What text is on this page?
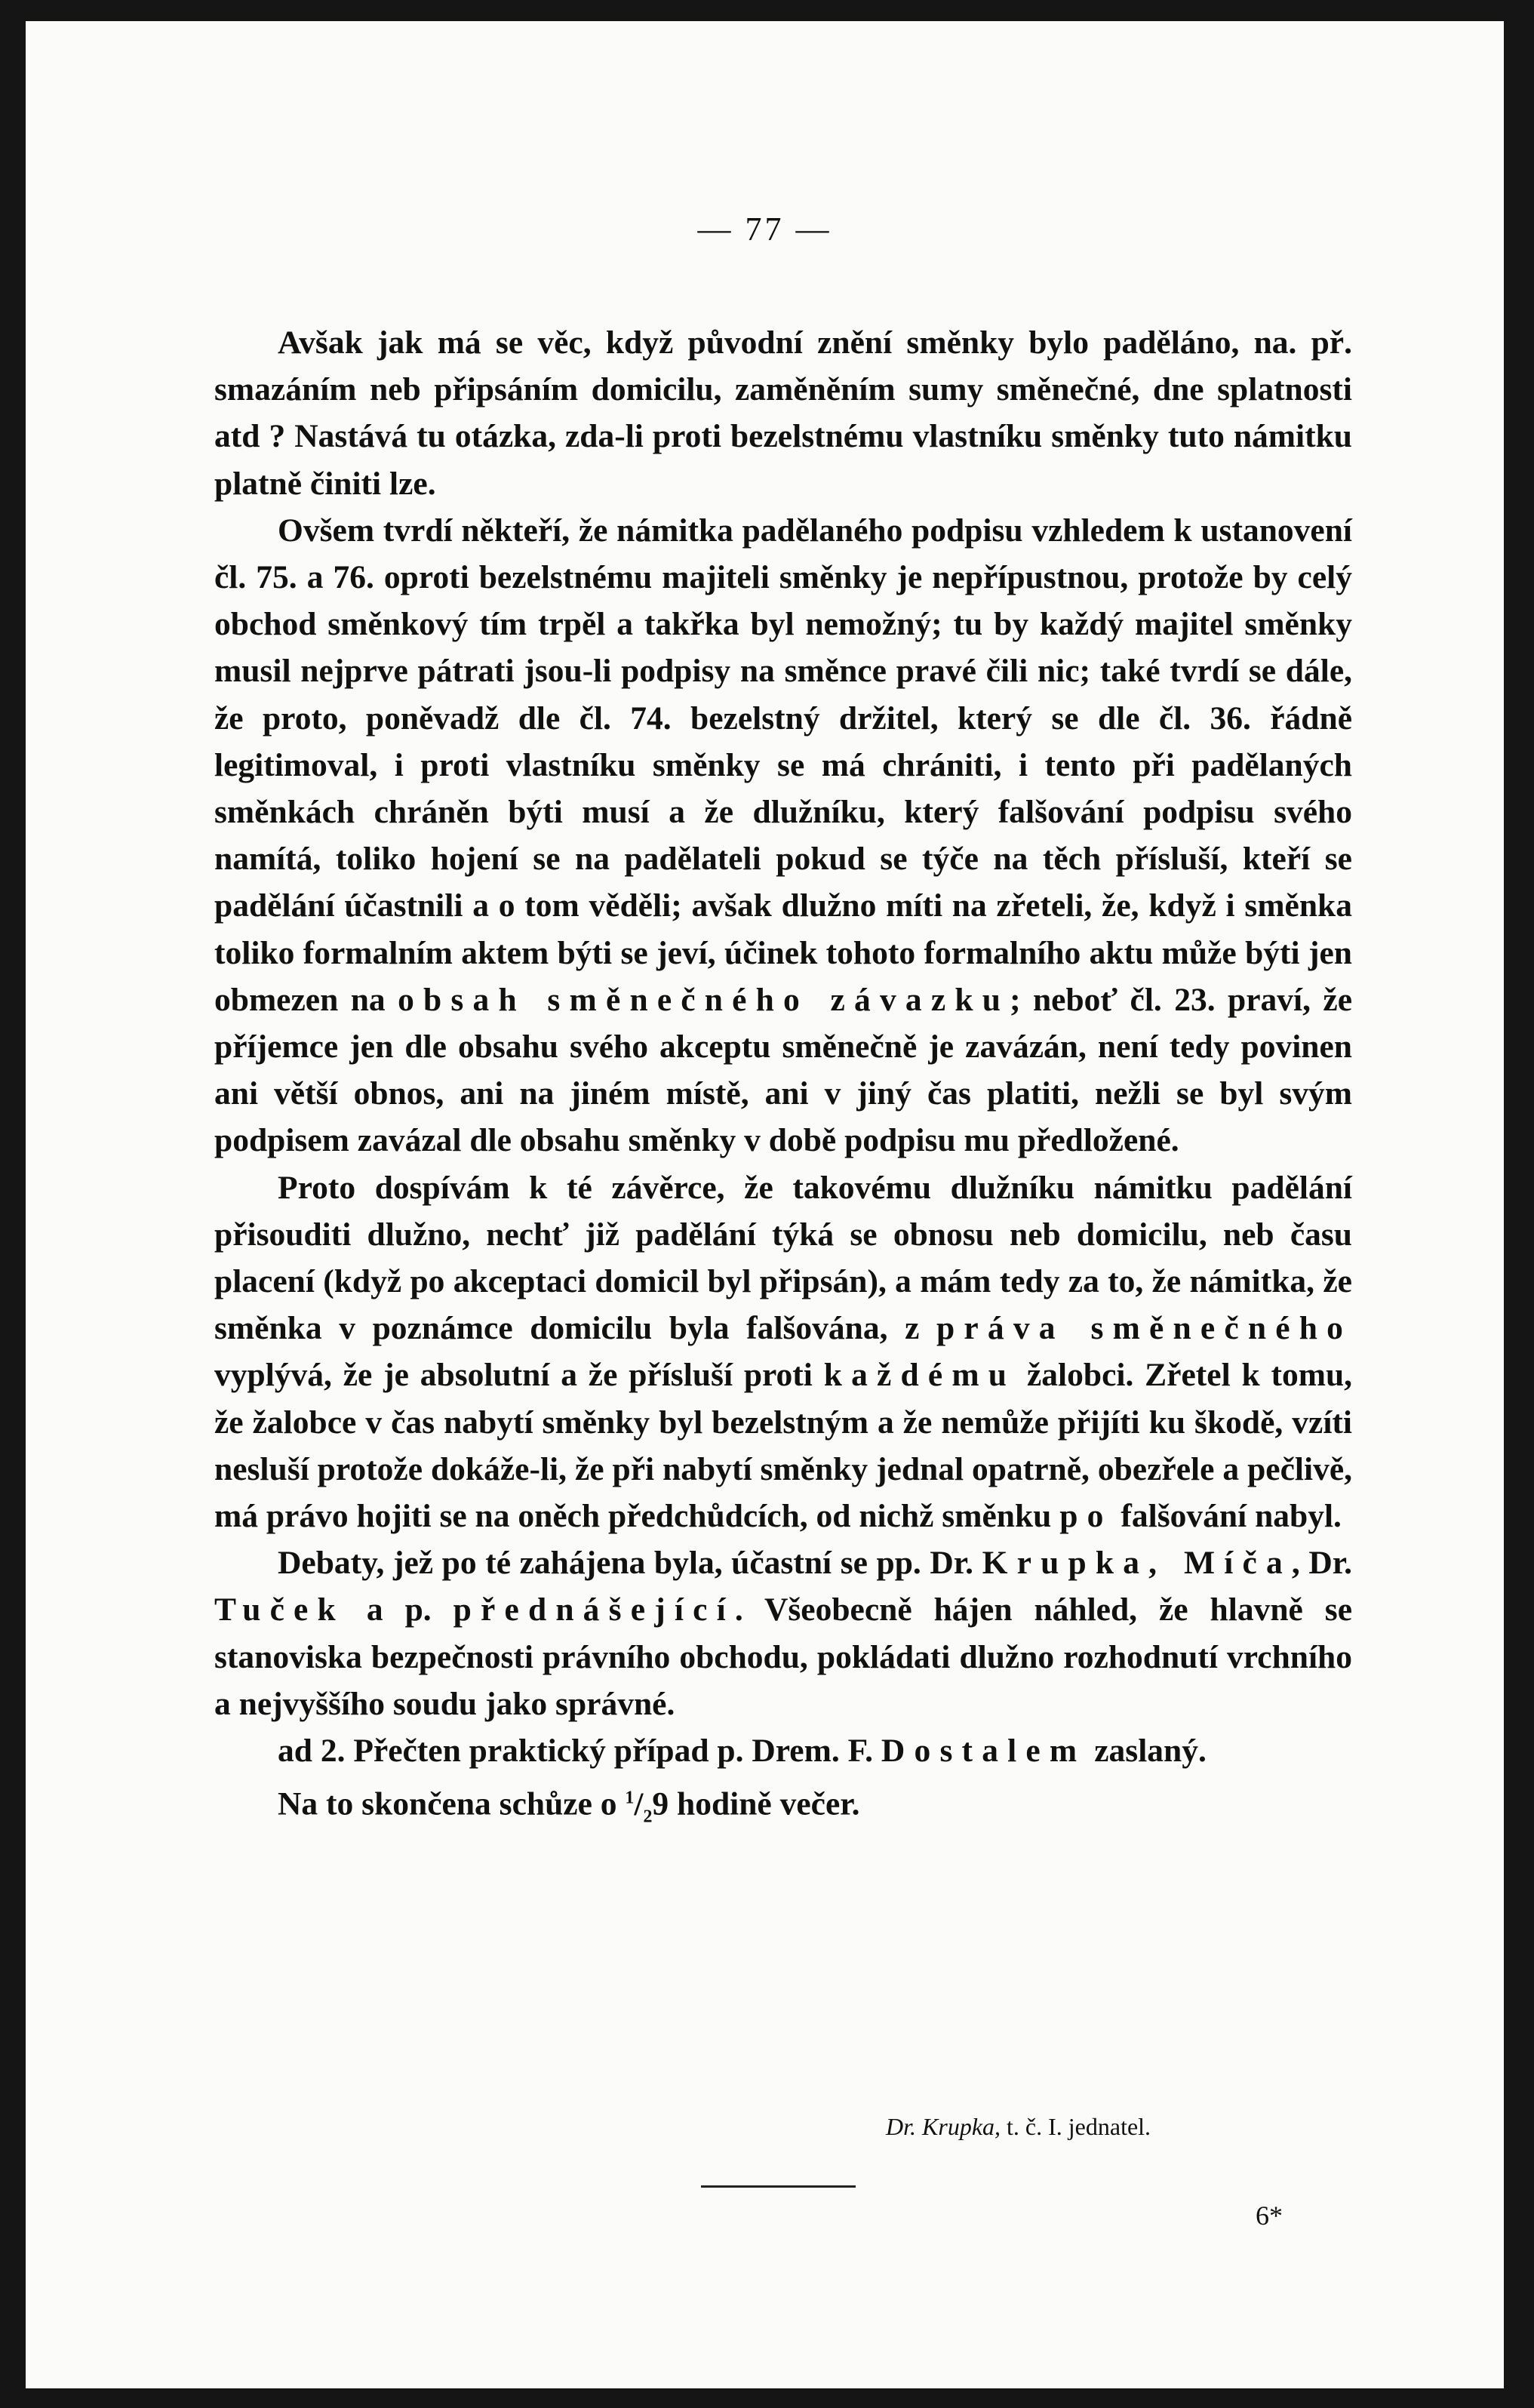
— 77 —

Avšak jak má se věc, když původní znění směnky bylo paděláno, na. př. smazáním neb připsáním domicilu, zaměněním sumy směnečné, dne splatnosti atd ? Nastává tu otázka, zda-li proti bezelstnému vlastníku směnky tuto námitku platně činiti lze.

Ovšem tvrdí někteří, že námitka padělaného podpisu vzhledem k ustanovení čl. 75. a 76. oproti bezelstnému majiteli směnky je nepřípustnou, protože by celý obchod směnkový tím trpěl a takřka byl nemožný; tu by každý majitel směnky musil nejprve pátrati jsou-li podpisy na směnce pravé čili nic; také tvrdí se dále, že proto, poněvadž dle čl. 74. bezelstný držitel, který se dle čl. 36. řádně legitimoval, i proti vlastníku směnky se má chrániti, i tento při padělaných směnkách chráněn býti musí a že dlužníku, který falšování podpisu svého namítá, toliko hojení se na padělateli pokud se týče na těch přísluší, kteří se padělání účastnili a o tom věděli; avšak dlužno míti na zřeteli, že, když i směnka toliko formalním aktem býti se jeví, účinek tohoto formalního aktu může býti jen obmezen na obsah směnečného závazku; neboť čl. 23. praví, že příjemce jen dle obsahu svého akceptu směnečně je zavázán, není tedy povinen ani větší obnos, ani na jiném místě, ani v jiný čas platiti, nežli se byl svým podpisem zavázal dle obsahu směnky v době podpisu mu předložené.

Proto dospívám k té závěrce, že takovému dlužníku námitku padělání přisouditi dlužno, nechť již padělání týká se obnosu neb domicilu, neb času placení (když po akceptaci domicil byl připsán), a mám tedy za to, že námitka, že směnka v poznámce domicilu byla falšována, z práva směnečného vyplývá, že je absolutní a že přísluší proti každému žalobci. Zřetel k tomu, že žalobce v čas nabytí směnky byl bezelstným a že nemůže přijíti ku škodě, vzíti nesluší protože dokáže-li, že při nabytí směnky jednal opatrně, obezřele a pečlivě, má právo hojiti se na oněch předchůdcích, od nichž směnku po falšování nabyl.

Debaty, jež po té zahájena byla, účastní se pp. Dr. Krupka, Míča, Dr. Tuček a p. přednášející. Všeobecně hájen náhled, že hlavně se stanoviska bezpečnosti právního obchodu, pokládati dlužno rozhodnutí vrchního a nejvyššího soudu jako správné.

ad 2. Přečten praktický případ p. Drem. F. Dostalem zaslaný.

Na to skončena schůze o $^1/_29$ hodině večer.

Dr. Krupka, t. č. I. jednatel.
6*
